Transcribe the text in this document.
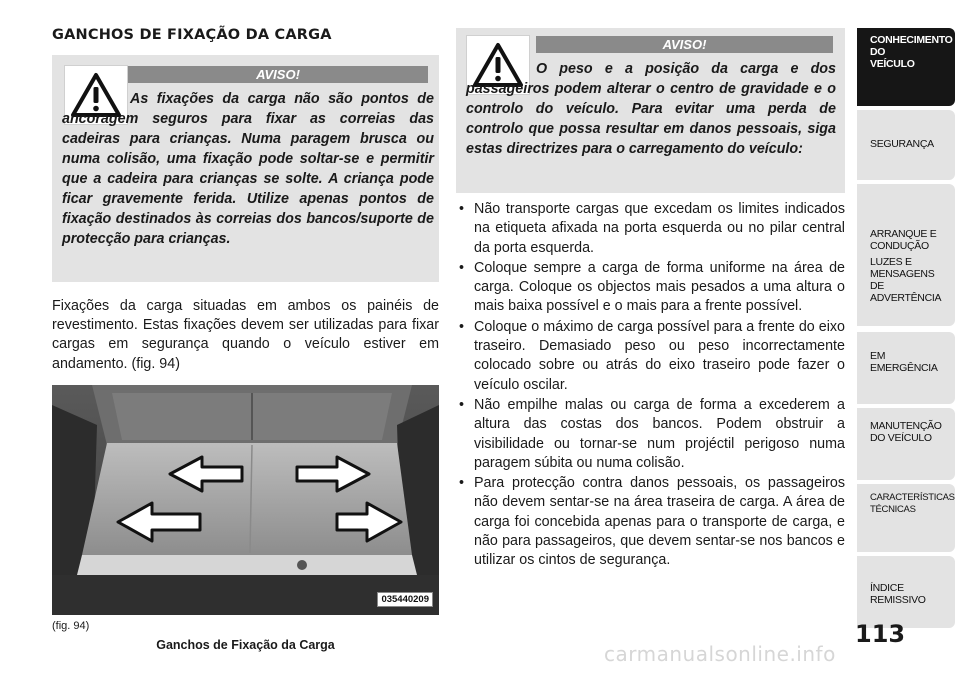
GANCHOS DE FIXAÇÃO DA CARGA
AVISO!
As fixações da carga não são pontos de ancoragem seguros para fixar as correias das cadeiras para crianças. Numa paragem brusca ou numa colisão, uma fixação pode soltar-se e permitir que a cadeira para crianças se solte. A criança pode ficar gravemente ferida. Utilize apenas pontos de fixação destinados às correias dos bancos/suporte de protecção para crianças.
Fixações da carga situadas em ambos os painéis de revestimento. Estas fixações devem ser utilizadas para fixar cargas em segurança quando o veículo estiver em andamento. (fig. 94)
035440209
(fig. 94)
Ganchos de Fixação da Carga
AVISO!
O peso e a posição da carga e dos passageiros podem alterar o centro de gravidade e o controlo do veículo. Para evitar uma perda de controlo que possa resultar em danos pessoais, siga estas directrizes para o carregamento do veículo:
• Não transporte cargas que excedam os limites indicados na etiqueta afixada na porta esquerda ou no pilar central da porta esquerda.
• Coloque sempre a carga de forma uniforme na área de carga. Coloque os objectos mais pesados a uma altura o mais baixa possível e o mais para a frente possível.
• Coloque o máximo de carga possível para a frente do eixo traseiro. Demasiado peso ou peso incorrectamente colocado sobre ou atrás do eixo traseiro pode fazer o veículo oscilar.
• Não empilhe malas ou carga de forma a excederem a altura das costas dos bancos. Podem obstruir a visibilidade ou tornar-se num projéctil perigoso numa paragem súbita ou numa colisão.
• Para protecção contra danos pessoais, os passageiros não devem sentar-se na área traseira de carga. A área de carga foi concebida apenas para o transporte de carga, e não para passageiros, que devem sentar-se nos bancos e utilizar os cintos de segurança.
CONHECIMENTO
DO
VEÍCULO
SEGURANÇA
ARRANQUE E
CONDUÇÃO
LUZES E
MENSAGENS
DE
ADVERTÊNCIA
EM
EMERGÊNCIA
MANUTENÇÃO
DO VEÍCULO
CARACTERÍSTICAS
TÉCNICAS
ÍNDICE
REMISSIVO
113
carmanualsonline.info
